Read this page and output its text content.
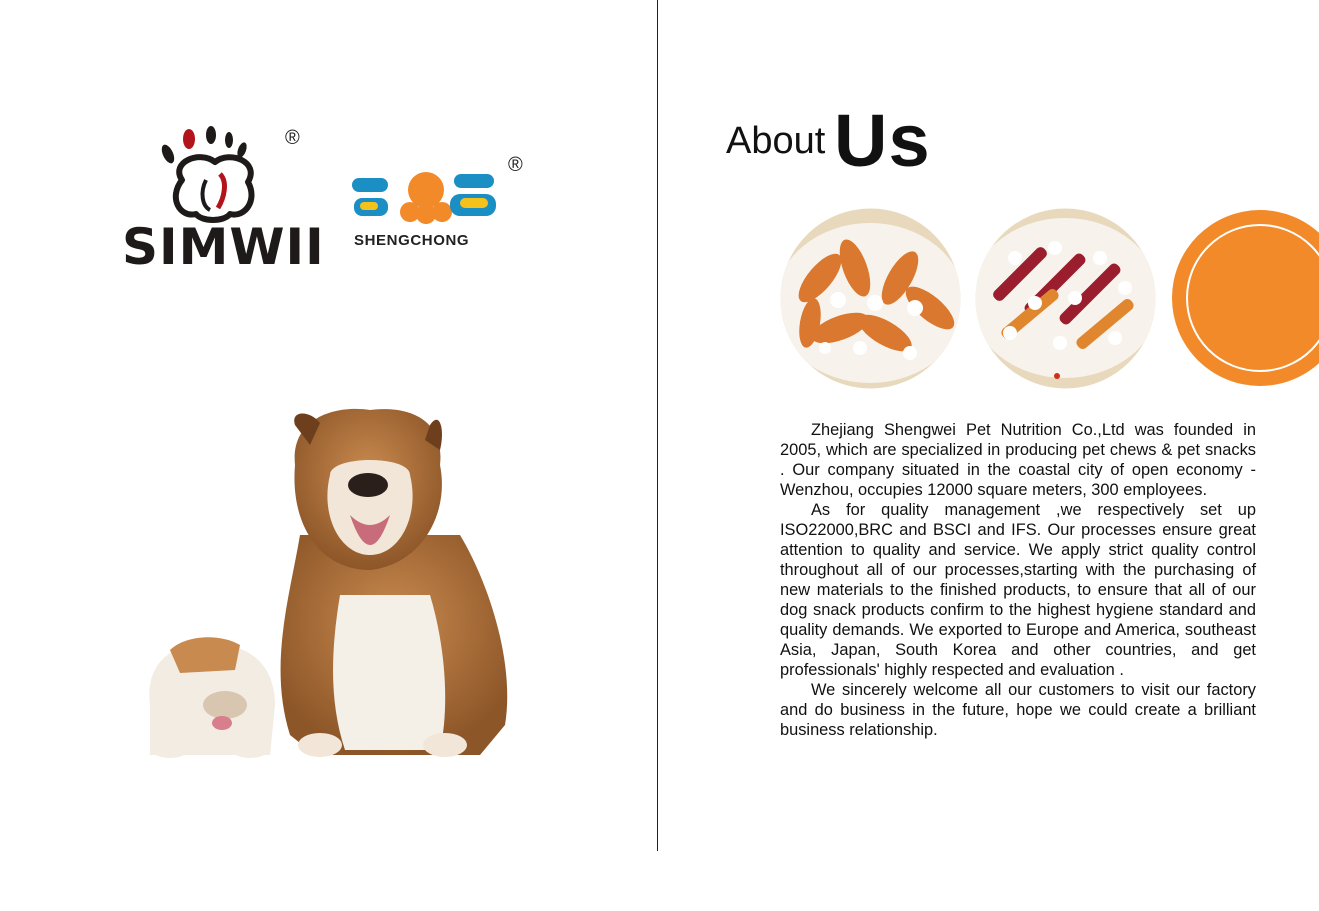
SIMWII
®
SHENGCHONG
®
About Us

Zhejiang Shengwei Pet Nutrition Co.,Ltd was founded in 2005, which are specialized in producing pet chews & pet snacks . Our company situated in the coastal city of open economy - Wenzhou, occupies 12000 square meters, 300 employees.

As for quality management ,we respectively set up ISO22000,BRC and BSCI and IFS. Our processes ensure great attention to quality and service. We apply strict quality control throughout all of our processes,starting with the purchasing of new materials to the finished products, to ensure that all of our dog snack products confirm to the highest hygiene standard and quality demands. We exported to Europe and America, southeast Asia, Japan, South Korea and other countries, and get professionals' highly respected and evaluation .

We sincerely welcome all our customers to visit our factory and do business in the future, hope we could create a brilliant business relationship.
